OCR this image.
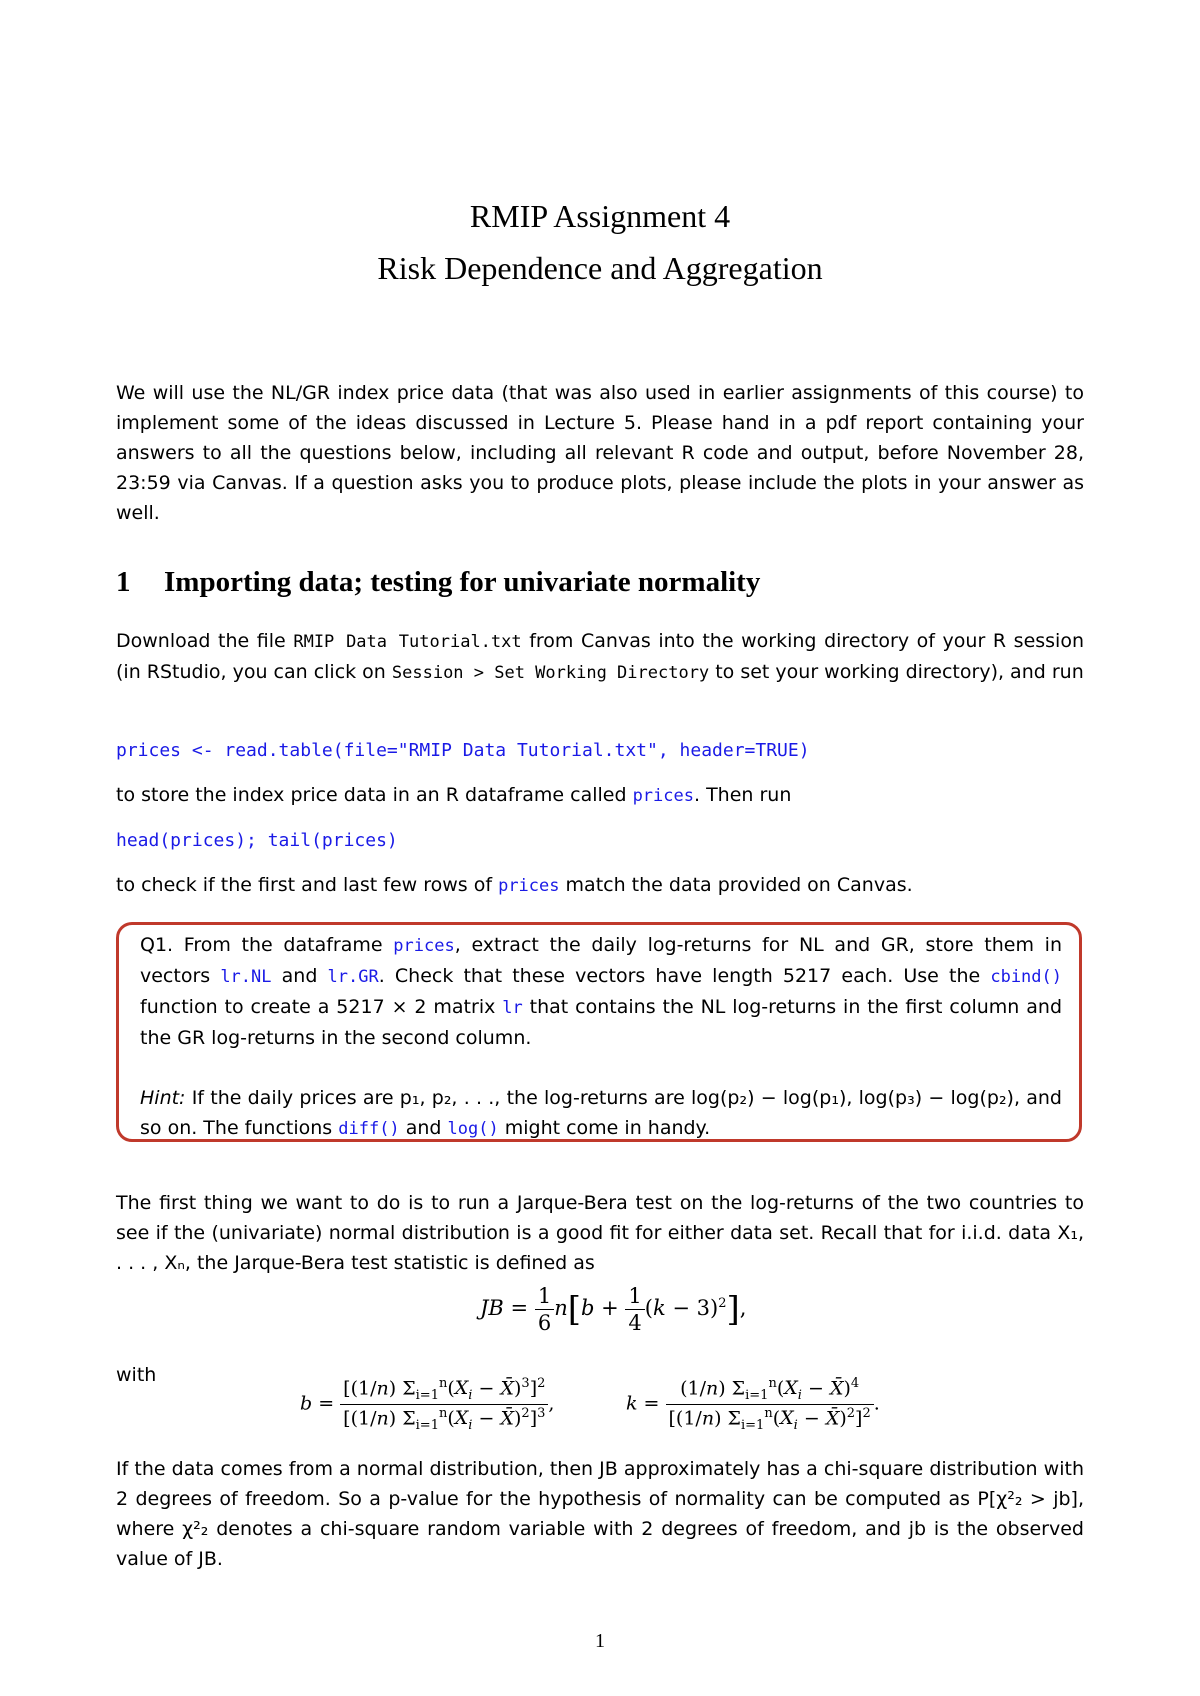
RMIP Assignment 4
Risk Dependence and Aggregation

We will use the NL/GR index price data (that was also used in earlier assignments of this course) to implement some of the ideas discussed in Lecture 5. Please hand in a pdf report containing your answers to all the questions below, including all relevant R code and output, before November 28, 23:59 via Canvas. If a question asks you to produce plots, please include the plots in your answer as well.

1 Importing data; testing for univariate normality

Download the file RMIP Data Tutorial.txt from Canvas into the working directory of your R session (in RStudio, you can click on Session > Set Working Directory to set your working directory), and run

prices <- read.table(file="RMIP Data Tutorial.txt", header=TRUE)

to store the index price data in an R dataframe called prices. Then run

head(prices); tail(prices)

to check if the first and last few rows of prices match the data provided on Canvas.

Q1. From the dataframe prices, extract the daily log-returns for NL and GR, store them in vectors lr.NL and lr.GR. Check that these vectors have length 5217 each. Use the cbind() function to create a 5217 × 2 matrix lr that contains the NL log-returns in the first column and the GR log-returns in the second column.

Hint: If the daily prices are p₁, p₂, . . ., the log-returns are log(p₂) − log(p₁), log(p₃) − log(p₂), and so on. The functions diff() and log() might come in handy.

The first thing we want to do is to run a Jarque-Bera test on the log-returns of the two countries to see if the (univariate) normal distribution is a good fit for either data set. Recall that for i.i.d. data X₁, . . . , Xₙ, the Jarque-Bera test statistic is defined as

JB = $\frac{1}{6} n[b + \frac{1}{4} (k - 3)^2]$,

with

$b = \frac{[(1/n) \Sigma_{i=1}^n(X_i - X̄)^3]^2}{[(1/n) \Sigma_{i=1}^n(X_i - X̄)^2]^3}$ ,	$k = \frac{(1/n) \Sigma_{i=1}^n(X_i - X̄)^4}{[(1/n) \Sigma_{i=1}^n(X_i - X̄)^2]^2}$ .

If the data comes from a normal distribution, then JB approximately has a chi-square distribution with 2 degrees of freedom. So a p-value for the hypothesis of normality can be computed as P[χ²₂ > jb], where χ²₂ denotes a chi-square random variable with 2 degrees of freedom, and jb is the observed value of JB.

1
